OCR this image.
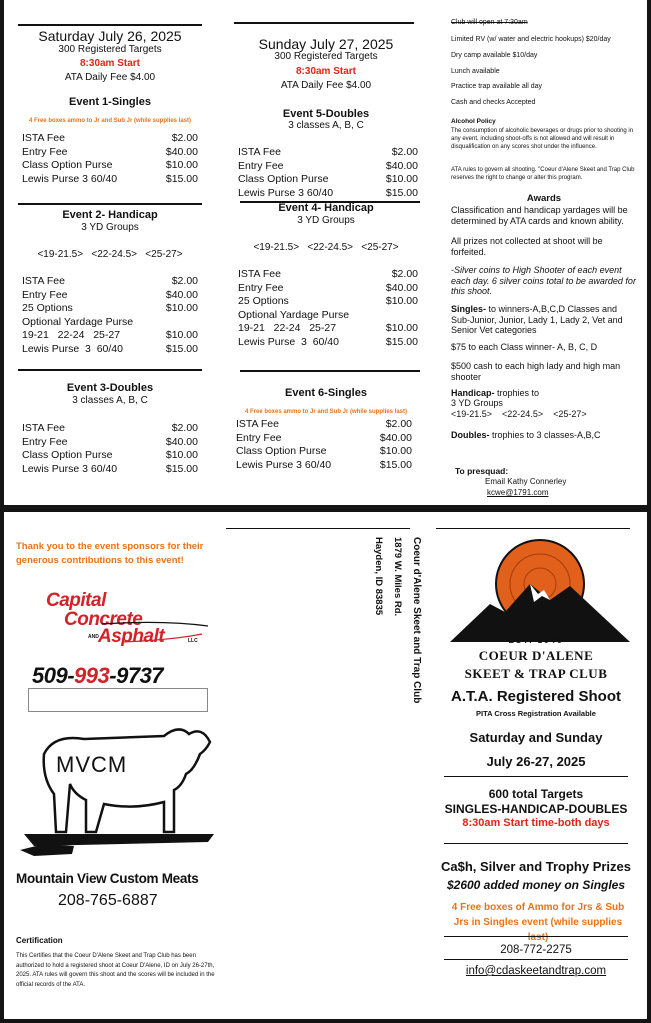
Saturday July 26, 2025
300 Registered Targets
8:30am Start
ATA Daily Fee $4.00
Event 1-Singles
4 Free boxes ammo to Jr and Sub Jr (while supplies last)
ISTA Fee	$2.00
Entry Fee	$40.00
Class Option Purse	$10.00
Lewis Purse 3 60/40	$15.00
Event 2- Handicap
3 YD Groups
<19-21.5>   <22-24.5>   <25-27>
ISTA Fee	$2.00
Entry Fee	$40.00
25 Options	$10.00
Optional Yardage Purse
19-21   22-24   25-27	$10.00
Lewis Purse  3  60/40	$15.00
Event 3-Doubles
3 classes A, B, C
ISTA Fee	$2.00
Entry Fee	$40.00
Class Option Purse	$10.00
Lewis Purse 3 60/40	$15.00
Sunday July 27, 2025
300 Registered Targets
8:30am Start
ATA Daily Fee $4.00
Event 5-Doubles
3 classes A, B, C
ISTA Fee	$2.00
Entry Fee	$40.00
Class Option Purse	$10.00
Lewis Purse 3 60/40	$15.00
Event 4- Handicap
3 YD Groups
<19-21.5>   <22-24.5>   <25-27>
ISTA Fee	$2.00
Entry Fee	$40.00
25 Options	$10.00
Optional Yardage Purse
19-21   22-24   25-27	$10.00
Lewis Purse  3  60/40	$15.00
Event 6-Singles
4 Free boxes ammo to Jr and Sub Jr (while supplies last)
ISTA Fee	$2.00
Entry Fee	$40.00
Class Option Purse	$10.00
Lewis Purse 3 60/40	$15.00
Club will open at 7:30am
Limited RV (w/ water and electric hookups) $20/day
Dry camp available $10/day
Lunch available
Practice trap available all day
Cash and checks Accepted
Alcohol Policy
The consumption of alcoholic beverages or drugs prior to shooting in any event, including shoot-offs is not allowed and will result in disqualification on any scores shot under the influence.
ATA rules to govern all shooting. "Coeur d'Alene Skeet and Trap Club reserves the right to change or alter this program.
Awards
Classification and handicap yardages will be determined by ATA cards and known ability.
All prizes not collected at shoot will be forfeited.
-Silver coins to High Shooter of each event each day. 6 silver coins total to be awarded for this shoot.
Singles- to winners-A,B,C,D Classes and Sub-Junior, Junior, Lady 1, Lady 2, Vet and Senior Vet categories
$75 to each Class winner- A, B, C, D
$500 cash to each high lady and high man shooter
Handicap- trophies to
3 YD Groups
<19-21.5>    <22-24.5>    <25-27>
Doubles- trophies to 3 classes-A,B,C
To presquad:
Email Kathy Connerley
kcwe@1791.com
Thank you to the event sponsors for their generous contributions to this event!
Capital
Concrete
AND Asphalt	LLC
509-993-9737
MVCM
Mountain View Custom Meats
208-765-6887
Certification
This Certifies that the Coeur D'Alene Skeet and Trap Club has been authorized to hold a registered shoot at Coeur D'Alene, ID on July 26-27th, 2025. ATA rules will govern this shoot and the scores will be included in the official records of the ATA.
Coeur d'Alene Skeet and Trap Club
1879 W. Miles Rd.
Hayden, ID 83835
EST. 1946
COEUR D'ALENE
SKEET & TRAP CLUB
A.T.A. Registered Shoot
PITA Cross Registration Available
Saturday and Sunday
July 26-27, 2025
600 total Targets
SINGLES-HANDICAP-DOUBLES
8:30am Start time-both days
Ca$h, Silver and Trophy Prizes
$2600 added money on Singles
4 Free boxes of Ammo for Jrs & Sub Jrs in Singles event (while supplies last)
208-772-2275
info@cdaskeetandtrap.com
